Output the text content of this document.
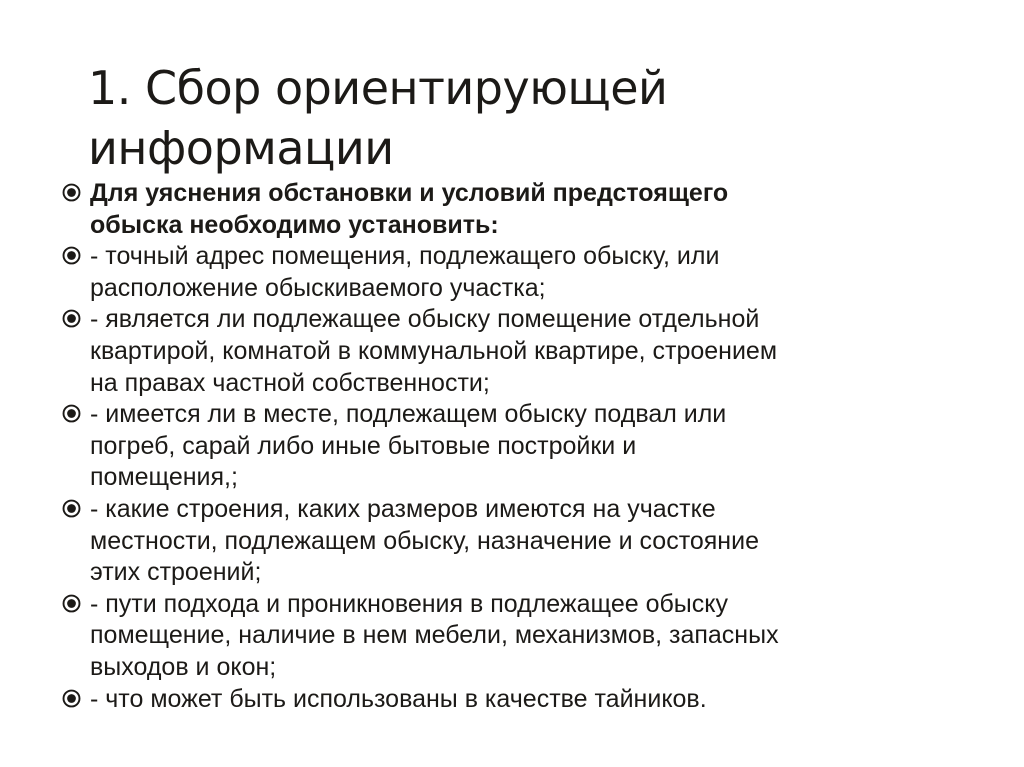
1. Сбор ориентирующей
информации
Для уяснения обстановки и условий предстоящего
обыска необходимо установить:
- точный адрес помещения, подлежащего обыску, или
расположение обыскиваемого участка;
- является ли подлежащее обыску помещение отдельной
квартирой, комнатой в коммунальной квартире, строением
на правах частной собственности;
- имеется ли в месте, подлежащем обыску подвал или
погреб, сарай либо иные бытовые постройки и
помещения,;
- какие строения, каких размеров имеются на участке
местности, подлежащем обыску, назначение и состояние
этих строений;
- пути подхода и проникновения в подлежащее обыску
помещение, наличие в нем мебели, механизмов, запасных
выходов и окон;
- что может быть использованы в качестве тайников.
